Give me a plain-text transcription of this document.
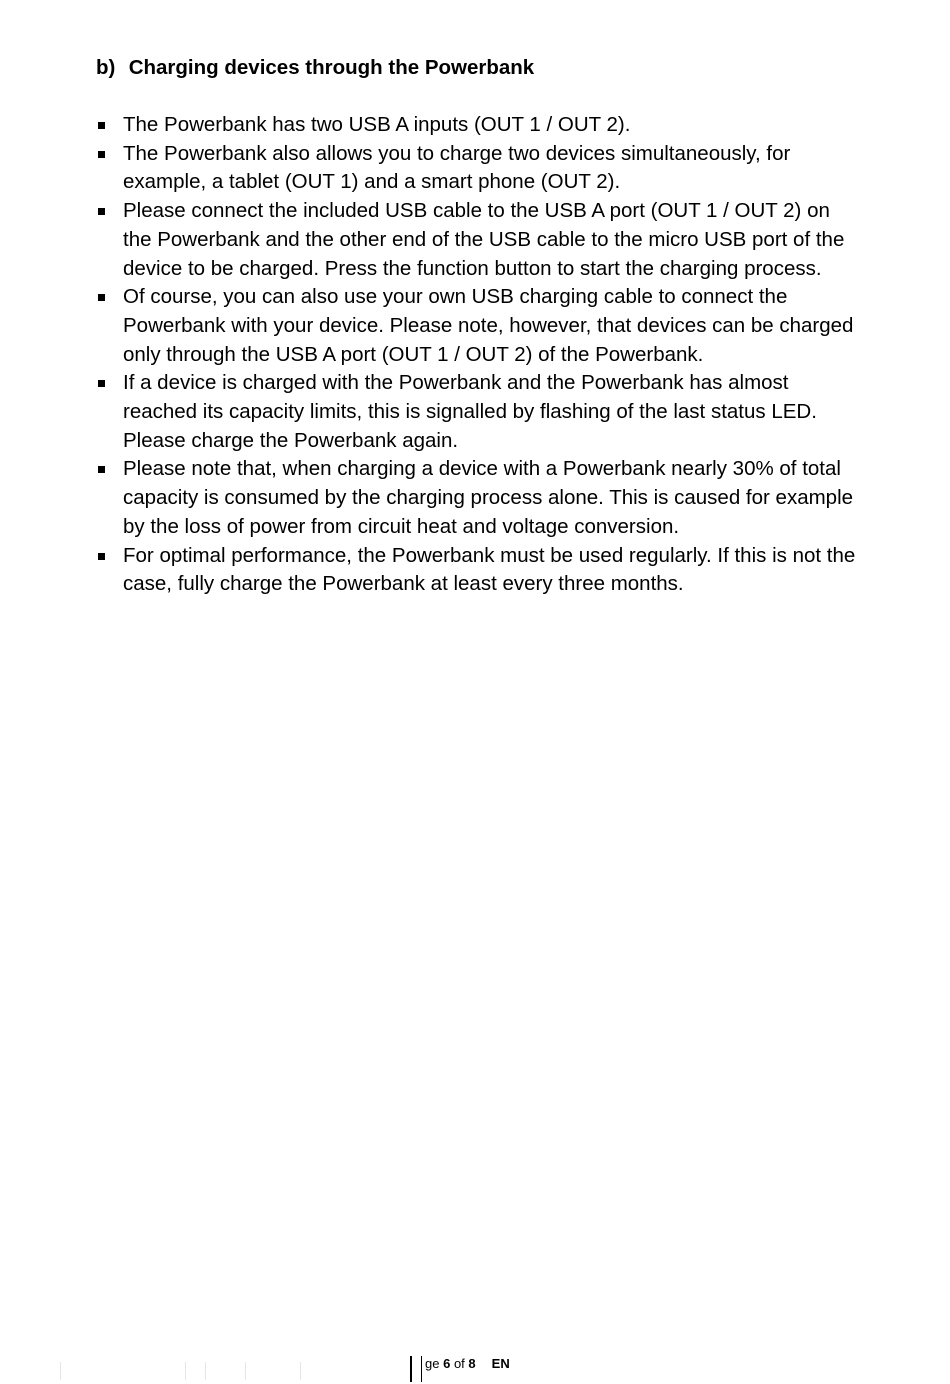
b) Charging devices through the Powerbank
The Powerbank has two USB A inputs (OUT 1 / OUT 2).
The Powerbank also allows you to charge two devices simultaneously, for example, a tablet (OUT 1) and a smart phone (OUT 2).
Please connect the included USB cable to the USB A port (OUT 1 / OUT 2) on the Powerbank and the other end of the USB cable to the micro USB port of the device to be charged. Press the function button to start the charging process.
Of course, you can also use your own USB charging cable to connect the Powerbank with your device. Please note, however, that devices can be charged only through the USB A port (OUT 1 / OUT 2) of the Powerbank.
If a device is charged with the Powerbank and the Powerbank has almost reached its capacity limits, this is signalled by flashing of the last status LED. Please charge the Powerbank again.
Please note that, when charging a device with a Powerbank nearly 30% of total capacity is consumed by the charging process alone. This is caused for example by the loss of power from circuit heat and voltage conversion.
For optimal performance, the Powerbank must be used regularly. If this is not the case, fully charge the Powerbank at least every three months.
ge
6
of
8 EN
